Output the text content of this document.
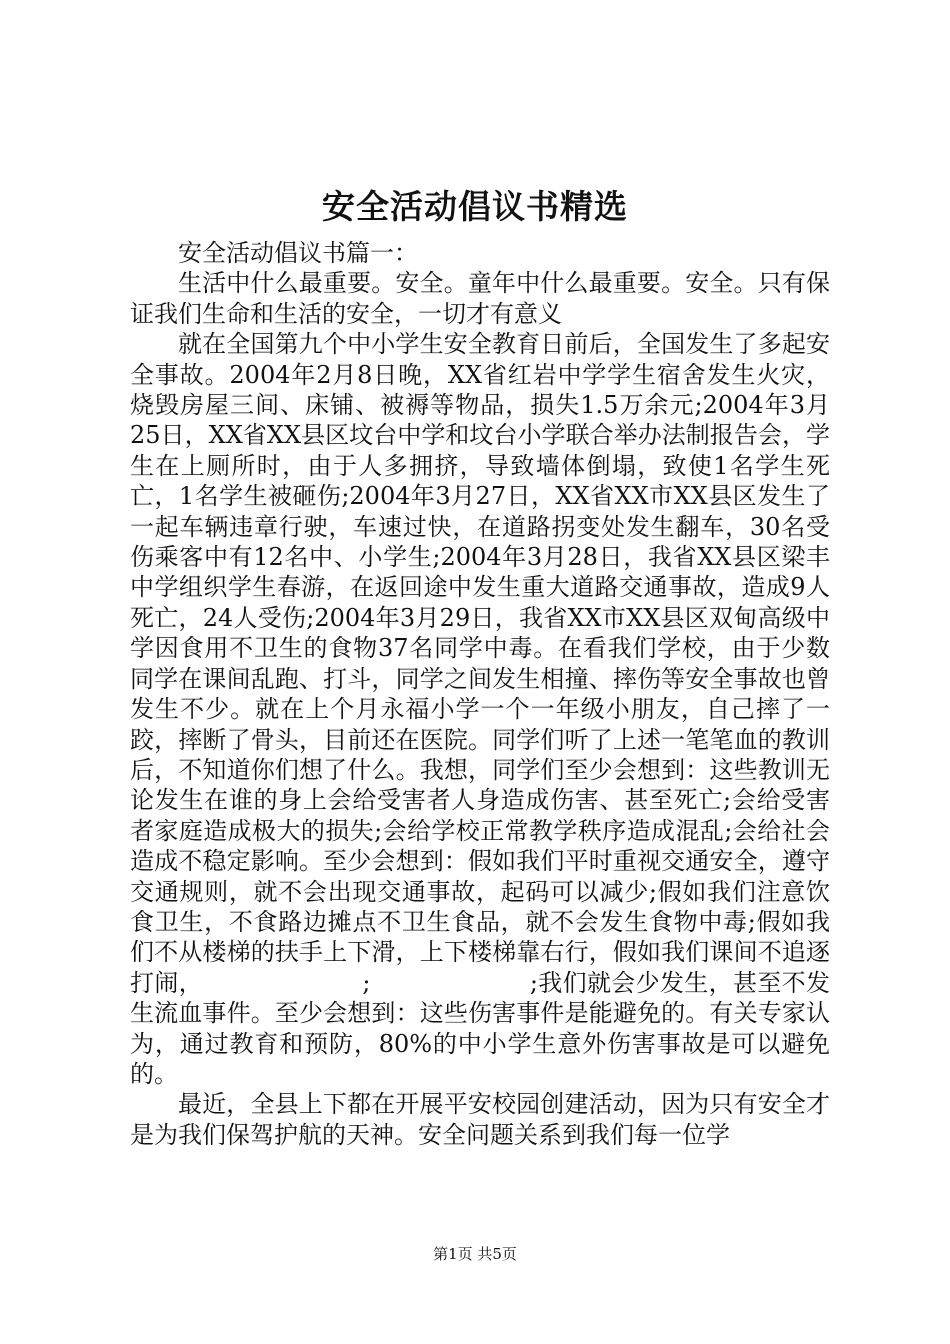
安全活动倡议书精选

安全活动倡议书篇一：

生活中什么最重要。安全。童年中什么最重要。安全。只有保证我们生命和生活的安全，一切才有意义

就在全国第九个中小学生安全教育日前后，全国发生了多起安全事故。2004年2月8日晚，XX省红岩中学学生宿舍发生火灾，烧毁房屋三间、床铺、被褥等物品，损失1.5万余元;2004年3月25日，XX省XX县区坟台中学和坟台小学联合举办法制报告会，学生在上厕所时，由于人多拥挤，导致墙体倒塌，致使1名学生死亡，1名学生被砸伤;2004年3月27日，XX省XX市XX县区发生了一起车辆违章行驶，车速过快，在道路拐变处发生翻车，30名受伤乘客中有12名中、小学生;2004年3月28日，我省XX县区梁丰中学组织学生春游，在返回途中发生重大道路交通事故，造成9人死亡，24人受伤;2004年3月29日，我省XX市XX县区双甸高级中学因食用不卫生的食物37名同学中毒。在看我们学校，由于少数同学在课间乱跑、打斗，同学之间发生相撞、摔伤等安全事故也曾发生不少。就在上个月永福小学一个一年级小朋友，自己摔了一跤，摔断了骨头，目前还在医院。同学们听了上述一笔笔血的教训后，不知道你们想了什么。我想，同学们至少会想到：这些教训无论发生在谁的身上会给受害者人身造成伤害、甚至死亡;会给受害者家庭造成极大的损失;会给学校正常教学秩序造成混乱;会给社会造成不稳定影响。至少会想到：假如我们平时重视交通安全，遵守交通规则，就不会出现交通事故，起码可以减少;假如我们注意饮食卫生，不食路边摊点不卫生食品，就不会发生食物中毒;假如我们不从楼梯的扶手上下滑，上下楼梯靠右行，假如我们课间不追逐打闹，                    ;                    ;我们就会少发生，甚至不发生流血事件。至少会想到：这些伤害事件是能避免的。有关专家认为，通过教育和预防，80%的中小学生意外伤害事故是可以避免的。

最近，全县上下都在开展平安校园创建活动，因为只有安全才是为我们保驾护航的天神。安全问题关系到我们每一位学

第1页 共5页
